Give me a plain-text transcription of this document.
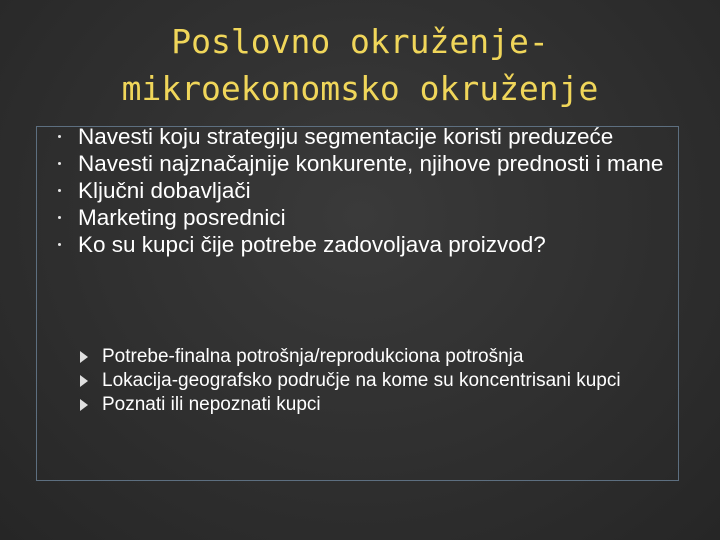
Poslovno okruženje-
mikroekonomsko okruženje
Navesti koju strategiju segmentacije koristi preduzeće
Navesti najznačajnije konkurente, njihove prednosti i mane
Ključni dobavljači
Marketing posrednici
Ko su kupci čije potrebe zadovoljava proizvod?
Potrebe-finalna potrošnja/reprodukciona potrošnja
Lokacija-geografsko područje na kome su koncentrisani kupci
Poznati ili nepoznati kupci
